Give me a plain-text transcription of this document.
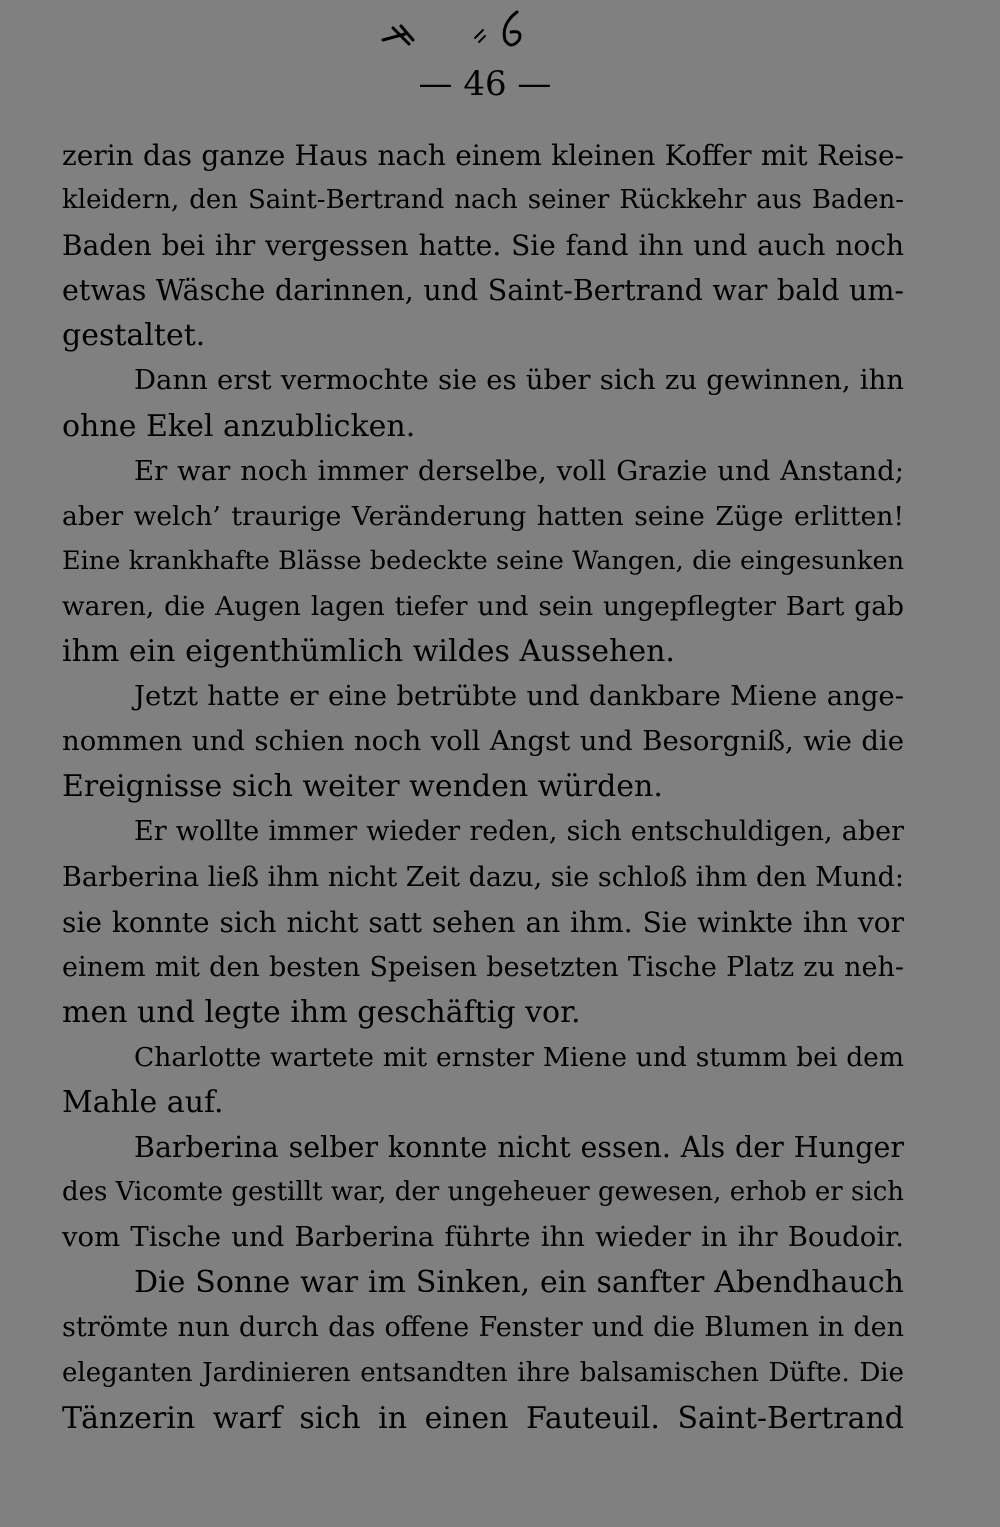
— 46 —
zerin das ganze Haus nach einem kleinen Koffer mit Reise-
kleidern, den Saint-Bertrand nach seiner Rückkehr aus Baden-
Baden bei ihr vergessen hatte. Sie fand ihn und auch noch
etwas Wäsche darinnen, und Saint-Bertrand war bald um-
gestaltet.
Dann erst vermochte sie es über sich zu gewinnen, ihn
ohne Ekel anzublicken.
Er war noch immer derselbe, voll Grazie und Anstand;
aber welch’ traurige Veränderung hatten seine Züge erlitten!
Eine krankhafte Blässe bedeckte seine Wangen, die eingesunken
waren, die Augen lagen tiefer und sein ungepflegter Bart gab
ihm ein eigenthümlich wildes Aussehen.
Jetzt hatte er eine betrübte und dankbare Miene ange-
nommen und schien noch voll Angst und Besorgniß, wie die
Ereignisse sich weiter wenden würden.
Er wollte immer wieder reden, sich entschuldigen, aber
Barberina ließ ihm nicht Zeit dazu, sie schloß ihm den Mund:
sie konnte sich nicht satt sehen an ihm. Sie winkte ihn vor
einem mit den besten Speisen besetzten Tische Platz zu neh-
men und legte ihm geschäftig vor.
Charlotte wartete mit ernster Miene und stumm bei dem
Mahle auf.
Barberina selber konnte nicht essen. Als der Hunger
des Vicomte gestillt war, der ungeheuer gewesen, erhob er sich
vom Tische und Barberina führte ihn wieder in ihr Boudoir.
Die Sonne war im Sinken, ein sanfter Abendhauch
strömte nun durch das offene Fenster und die Blumen in den
eleganten Jardinieren entsandten ihre balsamischen Düfte. Die
Tänzerin warf sich in einen Fauteuil. Saint-Bertrand
